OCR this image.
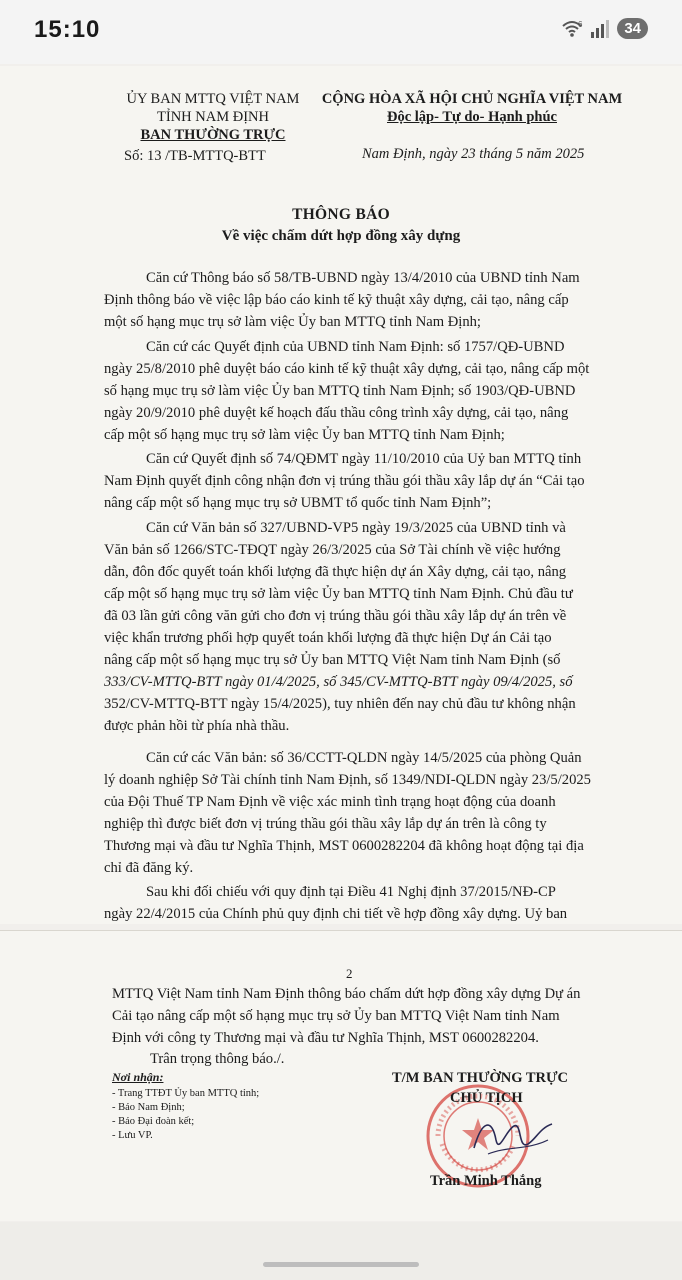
15:10	6	34
ỦY BAN MTTQ VIỆT NAM
TỈNH NAM ĐỊNH
BAN THƯỜNG TRỰC
Số: 13 /TB-MTTQ-BTT
CỘNG HÒA XÃ HỘI CHỦ NGHĨA VIỆT NAM
Độc lập- Tự do- Hạnh phúc
Nam Định, ngày 23 tháng 5 năm 2025
THÔNG BÁO
Về việc chấm dứt hợp đồng xây dựng
Căn cứ Thông báo số 58/TB-UBND ngày 13/4/2010 của UBND tỉnh Nam
Định thông báo về việc lập báo cáo kinh tế kỹ thuật xây dựng, cải tạo, nâng cấp
một số hạng mục trụ sở làm việc Ủy ban MTTQ tỉnh Nam Định;
Căn cứ các Quyết định của UBND tỉnh Nam Định: số 1757/QĐ-UBND
ngày 25/8/2010 phê duyệt báo cáo kinh tế kỹ thuật xây dựng, cải tạo, nâng cấp một
số hạng mục trụ sở làm việc Ủy ban MTTQ tỉnh Nam Định; số 1903/QĐ-UBND
ngày 20/9/2010 phê duyệt kế hoạch đấu thầu công trình xây dựng, cải tạo, nâng
cấp một số hạng mục trụ sở làm việc Ủy ban MTTQ tỉnh Nam Định;
Căn cứ Quyết định số 74/QĐMT ngày 11/10/2010 của Uỷ ban MTTQ tỉnh
Nam Định quyết định công nhận đơn vị trúng thầu gói thầu xây lắp dự án “Cải tạo
nâng cấp một số hạng mục trụ sở UBMT tổ quốc tỉnh Nam Định”;
Căn cứ Văn bản số 327/UBND-VP5 ngày 19/3/2025 của UBND tỉnh và
Văn bản số 1266/STC-TĐQT ngày 26/3/2025 của Sở Tài chính về việc hướng
dẫn, đôn đốc quyết toán khối lượng đã thực hiện dự án Xây dựng, cải tạo, nâng
cấp một số hạng mục trụ sở làm việc Ủy ban MTTQ tỉnh Nam Định. Chủ đầu tư
đã 03 lần gửi công văn gửi cho đơn vị trúng thầu gói thầu xây lắp dự án trên về
việc khẩn trương phối hợp quyết toán khối lượng đã thực hiện Dự án Cải tạo
nâng cấp một số hạng mục trụ sở Ủy ban MTTQ Việt Nam tỉnh Nam Định (số
333/CV-MTTQ-BTT ngày 01/4/2025, số 345/CV-MTTQ-BTT ngày 09/4/2025, số
352/CV-MTTQ-BTT ngày 15/4/2025), tuy nhiên đến nay chủ đầu tư không nhận
được phản hồi từ phía nhà thầu.
Căn cứ các Văn bản: số 36/CCTT-QLDN ngày 14/5/2025 của phòng Quản
lý doanh nghiệp Sở Tài chính tỉnh Nam Định, số 1349/NDI-QLDN ngày 23/5/2025
của Đội Thuế TP Nam Định về việc xác minh tình trạng hoạt động của doanh
nghiệp thì được biết đơn vị trúng thầu gói thầu xây lắp dự án trên là công ty
Thương mại và đầu tư Nghĩa Thịnh, MST 0600282204 đã không hoạt động tại địa
chỉ đã đăng ký.
Sau khi đối chiếu với quy định tại Điều 41 Nghị định 37/2015/NĐ-CP
ngày 22/4/2015 của Chính phủ quy định chi tiết về hợp đồng xây dựng. Uỷ ban
2
MTTQ Việt Nam tỉnh Nam Định thông báo chấm dứt hợp đồng xây dựng Dự án
Cải tạo nâng cấp một số hạng mục trụ sở Ủy ban MTTQ Việt Nam tỉnh Nam
Định với công ty Thương mại và đầu tư Nghĩa Thịnh, MST 0600282204.
Trân trọng thông báo./.
Nơi nhận:
- Trang TTĐT Ủy ban MTTQ tỉnh;
- Báo Nam Định;
- Báo Đại đoàn kết;
- Lưu VP.
T/M BAN THƯỜNG TRỰC
CHỦ TỊCH
Trần Minh Thắng
